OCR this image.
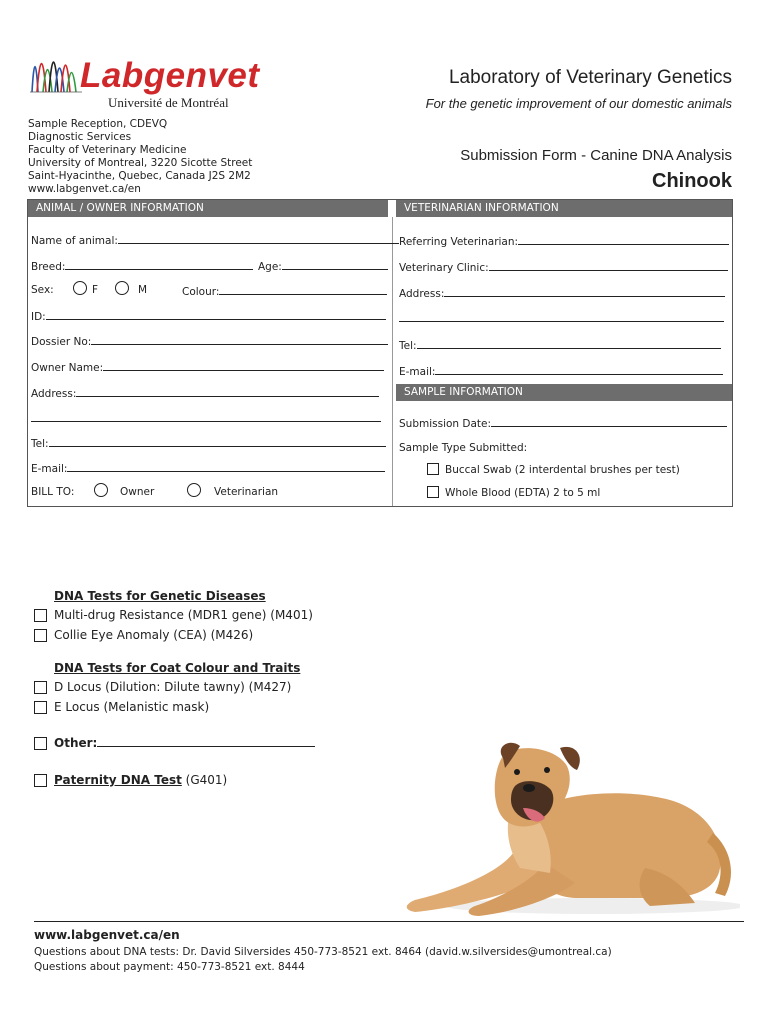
Labgenvet
Université de Montréal
Sample Reception, CDEVQ
Diagnostic Services
Faculty of Veterinary Medicine
University of Montreal, 3220 Sicotte Street
Saint-Hyacinthe, Quebec, Canada J2S 2M2
www.labgenvet.ca/en
Laboratory of Veterinary Genetics
For the genetic improvement of our domestic animals
Submission Form - Canine DNA Analysis
Chinook
ANIMAL / OWNER INFORMATION	VETERINARIAN INFORMATION
Name of animal:
Breed:	Age:
Sex:	F	M	Colour:
ID:
Dossier No:
Owner Name:
Address:
Tel:
E-mail:
BILL TO:	Owner	Veterinarian
Referring Veterinarian:
Veterinary Clinic:
Address:
Tel:
E-mail:
SAMPLE INFORMATION
Submission Date:
Sample Type Submitted:
Buccal Swab (2 interdental brushes per test)
Whole Blood (EDTA) 2 to 5 ml
DNA Tests for Genetic Diseases
Multi-drug Resistance (MDR1 gene) (M401)
Collie Eye Anomaly (CEA) (M426)
DNA Tests for Coat Colour and Traits
D Locus (Dilution: Dilute tawny) (M427)
E Locus (Melanistic mask)
Other:
Paternity DNA Test (G401)
www.labgenvet.ca/en
Questions about DNA tests: Dr. David Silversides 450-773-8521 ext. 8464 (david.w.silversides@umontreal.ca)
Questions about payment: 450-773-8521 ext. 8444
